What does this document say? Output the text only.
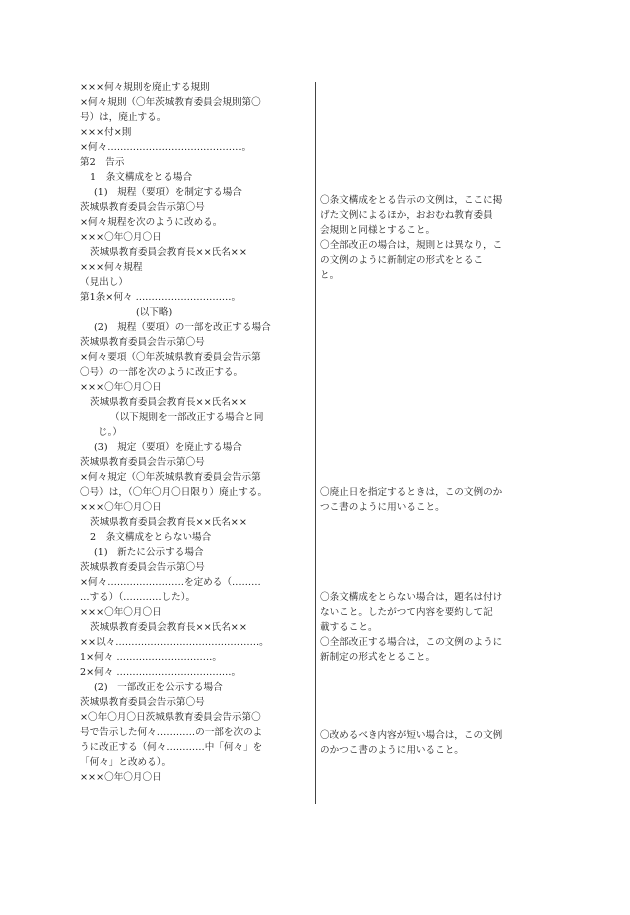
×××何々規則を廃止する規則
×何々規則（〇年茨城教育委員会規則第〇
号）は，廃止する。
×××付×則
×何々……………………………………。
第2　告示
1　条文構成をとる場合
(1)　規程（要項）を制定する場合
茨城県教育委員会告示第〇号
×何々規程を次のように改める。
×××〇年〇月〇日
茨城県教育委員会教育長××氏名××
×××何々規程
（見出し）
第1条×何々 …………………………。
(以下略)
(2)　規程（要項）の一部を改正する場合
茨城県教育委員会告示第〇号
×何々要項（〇年茨城県教育委員会告示第
〇号）の一部を次のように改正する。
×××〇年〇月〇日
茨城県教育委員会教育長××氏名××
（以下規則を一部改正する場合と同
じ。）
(3)　規定（要項）を廃止する場合
茨城県教育委員会告示第〇号
×何々規定（〇年茨城県教育委員会告示第
〇号）は，（〇年〇月〇日限り）廃止する。
×××〇年〇月〇日
茨城県教育委員会教育長××氏名××
2　条文構成をとらない場合
(1)　新たに公示する場合
茨城県教育委員会告示第〇号
×何々……………………を定める（………
…する）（…………した）。
×××〇年〇月〇日
茨城県教育委員会教育長××氏名××
××以々………………………………………。
1×何々 …………………………。
2×何々 ………………………………。
(2)　一部改正を公示する場合
茨城県教育委員会告示第〇号
×〇年〇月〇日茨城県教育委員会告示第〇
号で告示した何々…………の一部を次のよ
うに改正する（何々…………中「何々」を
「何々」と改める）。
×××〇年〇月〇日
〇条文構成をとる告示の文例は，ここに掲
げた文例によるほか，おおむね教育委員
会規則と同様とすること。
〇全部改正の場合は，規則とは異なり，こ
の文例のように新制定の形式をとるこ
と。
〇廃止日を指定するときは，この文例のか
つこ書のように用いること。
〇条文構成をとらない場合は，題名は付け
ないこと。したがつて内容を要約して記
載すること。
〇全部改正する場合は，この文例のように
新制定の形式をとること。
〇改めるべき内容が短い場合は，この文例
のかつこ書のように用いること。
